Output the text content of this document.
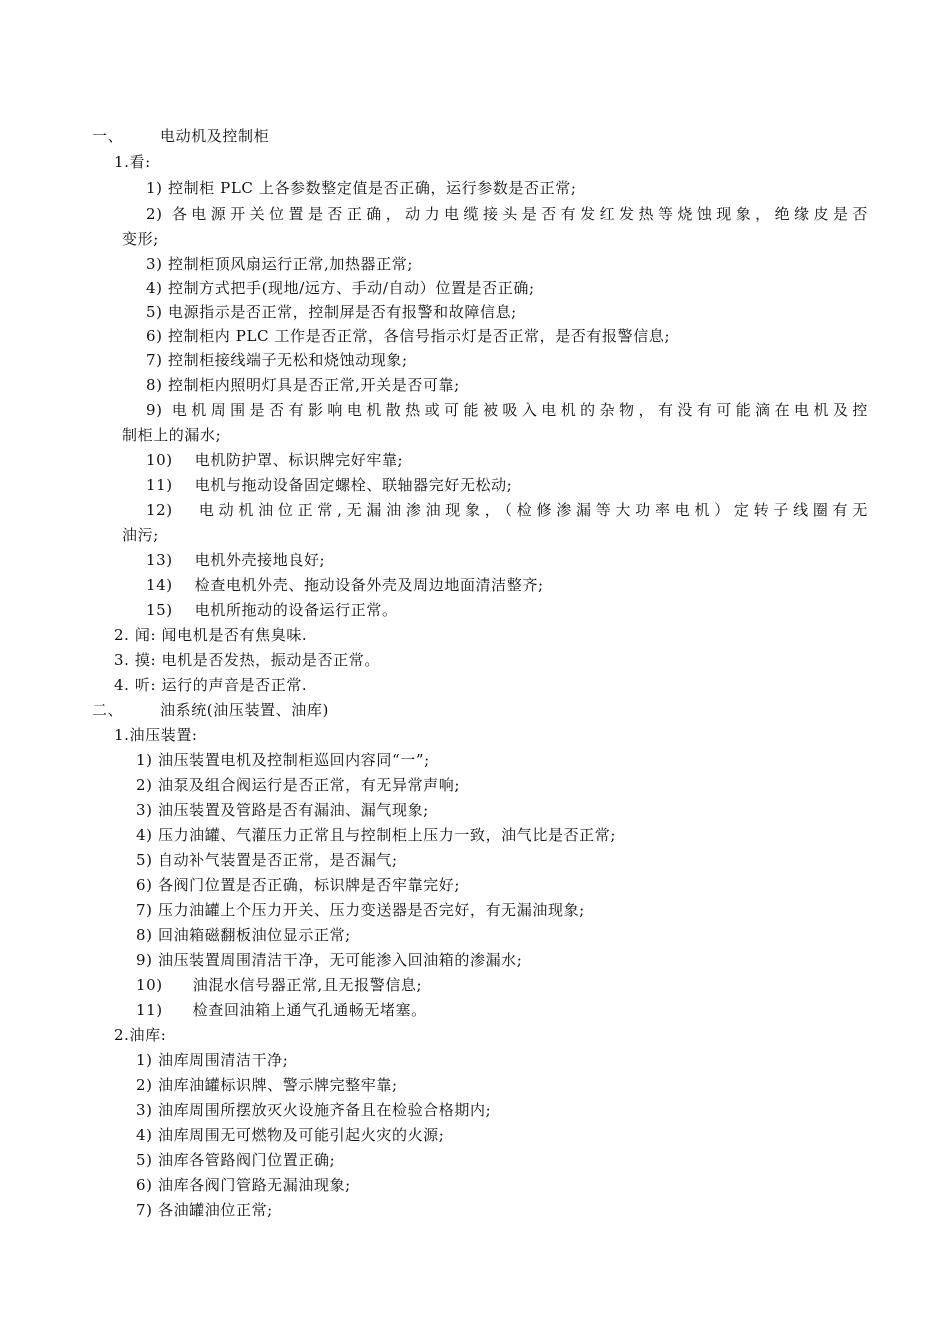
一、 电动机及控制柜
1.看:
1) 控制柜 PLC 上各参数整定值是否正确，运行参数是否正常;
2) 各电源开关位置是否正确，动力电缆接头是否有发红发热等烧蚀现象，绝缘皮是否
变形;
3) 控制柜顶风扇运行正常,加热器正常;
4) 控制方式把手(现地/远方、手动/自动）位置是否正确;
5) 电源指示是否正常，控制屏是否有报警和故障信息;
6) 控制柜内 PLC 工作是否正常，各信号指示灯是否正常，是否有报警信息;
7) 控制柜接线端子无松和烧蚀动现象;
8) 控制柜内照明灯具是否正常,开关是否可靠;
9) 电机周围是否有影响电机散热或可能被吸入电机的杂物，有没有可能滴在电机及控
制柜上的漏水;
10) 电机防护罩、标识牌完好牢靠;
11) 电机与拖动设备固定螺栓、联轴器完好无松动;
12) 电动机油位正常,无漏油渗油现象，（检修渗漏等大功率电机）定转子线圈有无
油污;
13) 电机外壳接地良好;
14) 检查电机外壳、拖动设备外壳及周边地面清洁整齐;
15) 电机所拖动的设备运行正常。
2. 闻: 闻电机是否有焦臭味.
3. 摸: 电机是否发热，振动是否正常。
4. 听: 运行的声音是否正常.
二、 油系统(油压装置、油库)
1.油压装置:
1) 油压装置电机及控制柜巡回内容同“一”;
2) 油泵及组合阀运行是否正常，有无异常声响;
3) 油压装置及管路是否有漏油、漏气现象;
4) 压力油罐、气灌压力正常且与控制柜上压力一致，油气比是否正常;
5) 自动补气装置是否正常，是否漏气;
6) 各阀门位置是否正确，标识牌是否牢靠完好;
7) 压力油罐上个压力开关、压力变送器是否完好，有无漏油现象;
8) 回油箱磁翻板油位显示正常;
9) 油压装置周围清洁干净，无可能渗入回油箱的渗漏水;
10) 油混水信号器正常,且无报警信息;
11) 检查回油箱上通气孔通畅无堵塞。
2.油库:
1) 油库周围清洁干净;
2) 油库油罐标识牌、警示牌完整牢靠;
3) 油库周围所摆放灭火设施齐备且在检验合格期内;
4) 油库周围无可燃物及可能引起火灾的火源;
5) 油库各管路阀门位置正确;
6) 油库各阀门管路无漏油现象;
7) 各油罐油位正常;
